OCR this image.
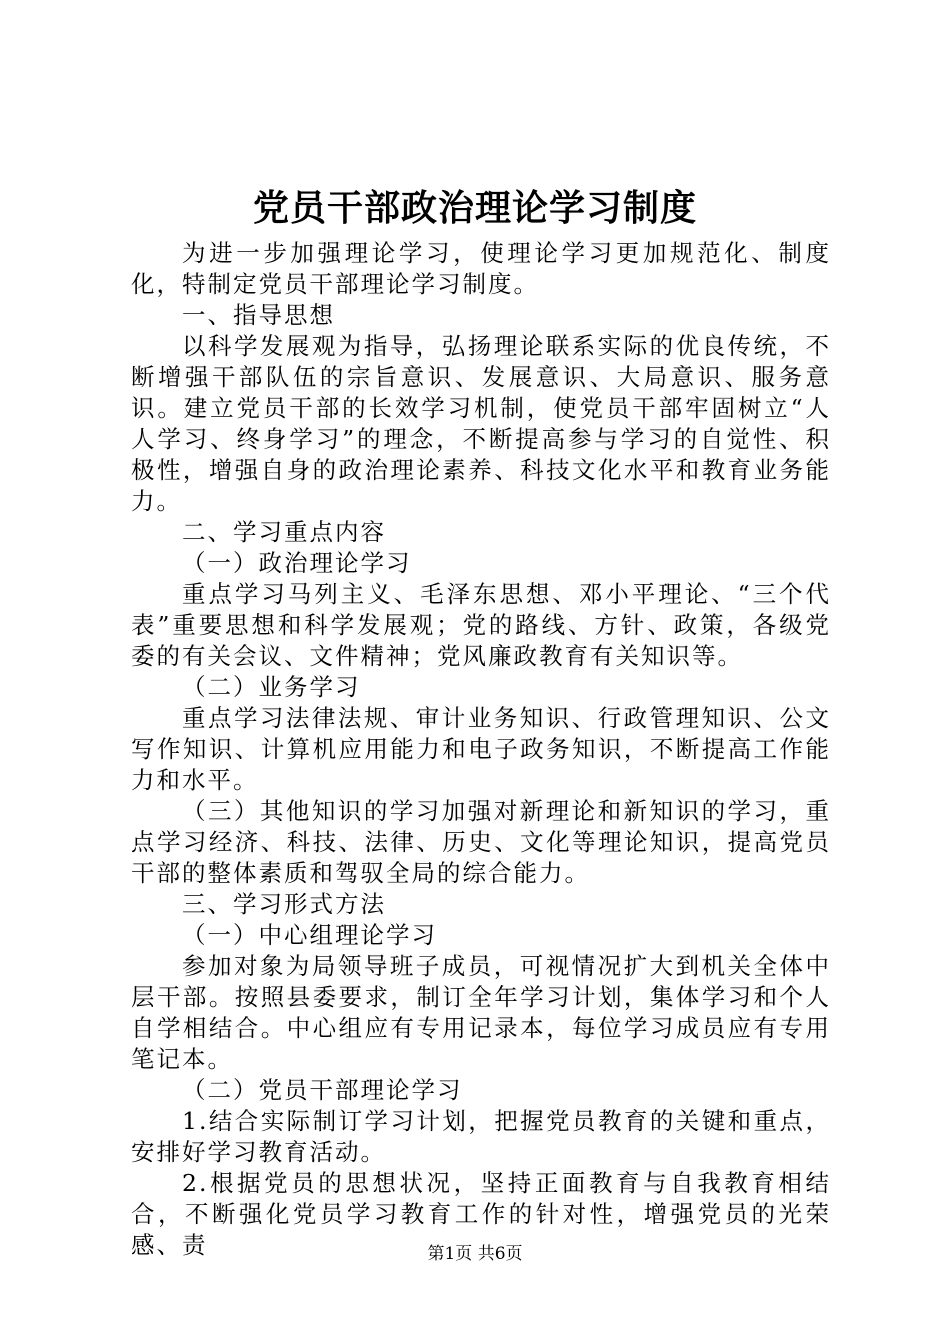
党员干部政治理论学习制度

为进一步加强理论学习，使理论学习更加规范化、制度化，特制定党员干部理论学习制度。

一、指导思想

以科学发展观为指导，弘扬理论联系实际的优良传统，不断增强干部队伍的宗旨意识、发展意识、大局意识、服务意识。建立党员干部的长效学习机制，使党员干部牢固树立“人人学习、终身学习”的理念，不断提高参与学习的自觉性、积极性，增强自身的政治理论素养、科技文化水平和教育业务能力。

二、学习重点内容

（一）政治理论学习

重点学习马列主义、毛泽东思想、邓小平理论、“三个代表”重要思想和科学发展观；党的路线、方针、政策，各级党委的有关会议、文件精神；党风廉政教育有关知识等。

（二）业务学习

重点学习法律法规、审计业务知识、行政管理知识、公文写作知识、计算机应用能力和电子政务知识，不断提高工作能力和水平。

（三）其他知识的学习加强对新理论和新知识的学习，重点学习经济、科技、法律、历史、文化等理论知识，提高党员干部的整体素质和驾驭全局的综合能力。

三、学习形式方法

（一）中心组理论学习

参加对象为局领导班子成员，可视情况扩大到机关全体中层干部。按照县委要求，制订全年学习计划，集体学习和个人自学相结合。中心组应有专用记录本，每位学习成员应有专用笔记本。

（二）党员干部理论学习

1.结合实际制订学习计划，把握党员教育的关键和重点，安排好学习教育活动。

2.根据党员的思想状况，坚持正面教育与自我教育相结合，不断强化党员学习教育工作的针对性，增强党员的光荣感、责	第1页 共6页
